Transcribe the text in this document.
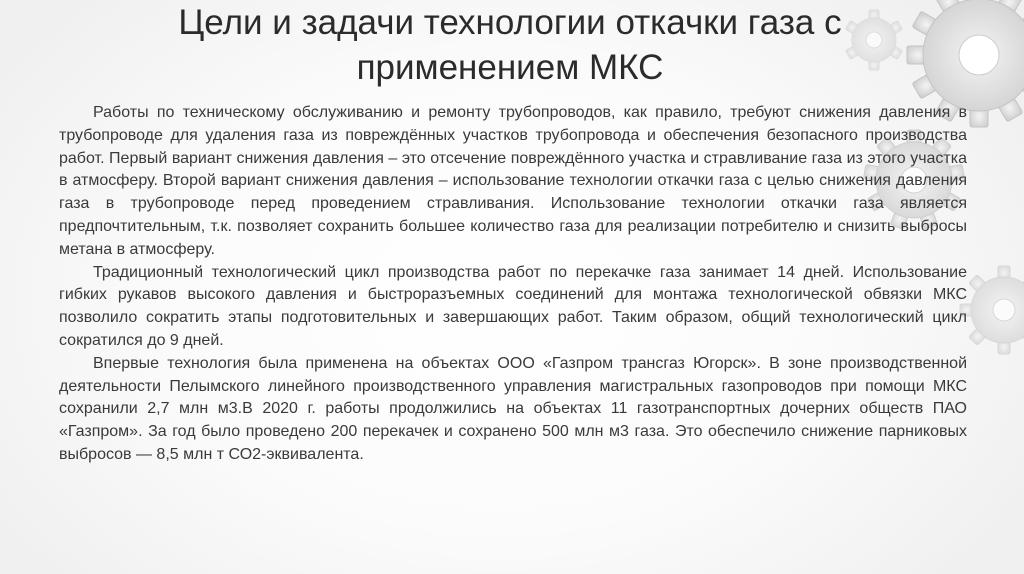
Цели и задачи технологии откачки газа с
применением МКС

Работы по техническому обслуживанию и ремонту трубопроводов, как правило, требуют снижения давления в трубопроводе для удаления газа из повреждённых участков трубопровода и обеспечения безопасного производства работ. Первый вариант снижения давления – это отсечение повреждённого участка и стравливание газа из этого участка в атмосферу. Второй вариант снижения давления – использование технологии откачки газа с целью снижения давления газа в трубопроводе перед проведением стравливания. Использование технологии откачки газа является предпочтительным, т.к. позволяет сохранить большее количество газа для реализации потребителю и снизить выбросы метана в атмосферу.

Традиционный технологический цикл производства работ по перекачке газа занимает 14 дней. Использование гибких рукавов высокого давления и быстроразъемных соединений для монтажа технологической обвязки МКС позволило сократить этапы подготовительных и завершающих работ. Таким образом, общий технологический цикл сократился до 9 дней.

Впервые технология была применена на объектах ООО «Газпром трансгаз Югорск». В зоне производственной деятельности Пелымского линейного производственного управления магистральных газопроводов при помощи МКС сохранили 2,7 млн м3.В 2020 г. работы продолжились на объектах 11 газотранспортных дочерних обществ ПАО «Газпром». За год было проведено 200 перекачек и сохранено 500 млн м3 газа. Это обеспечило снижение парниковых выбросов — 8,5 млн т СО2-эквивалента.
